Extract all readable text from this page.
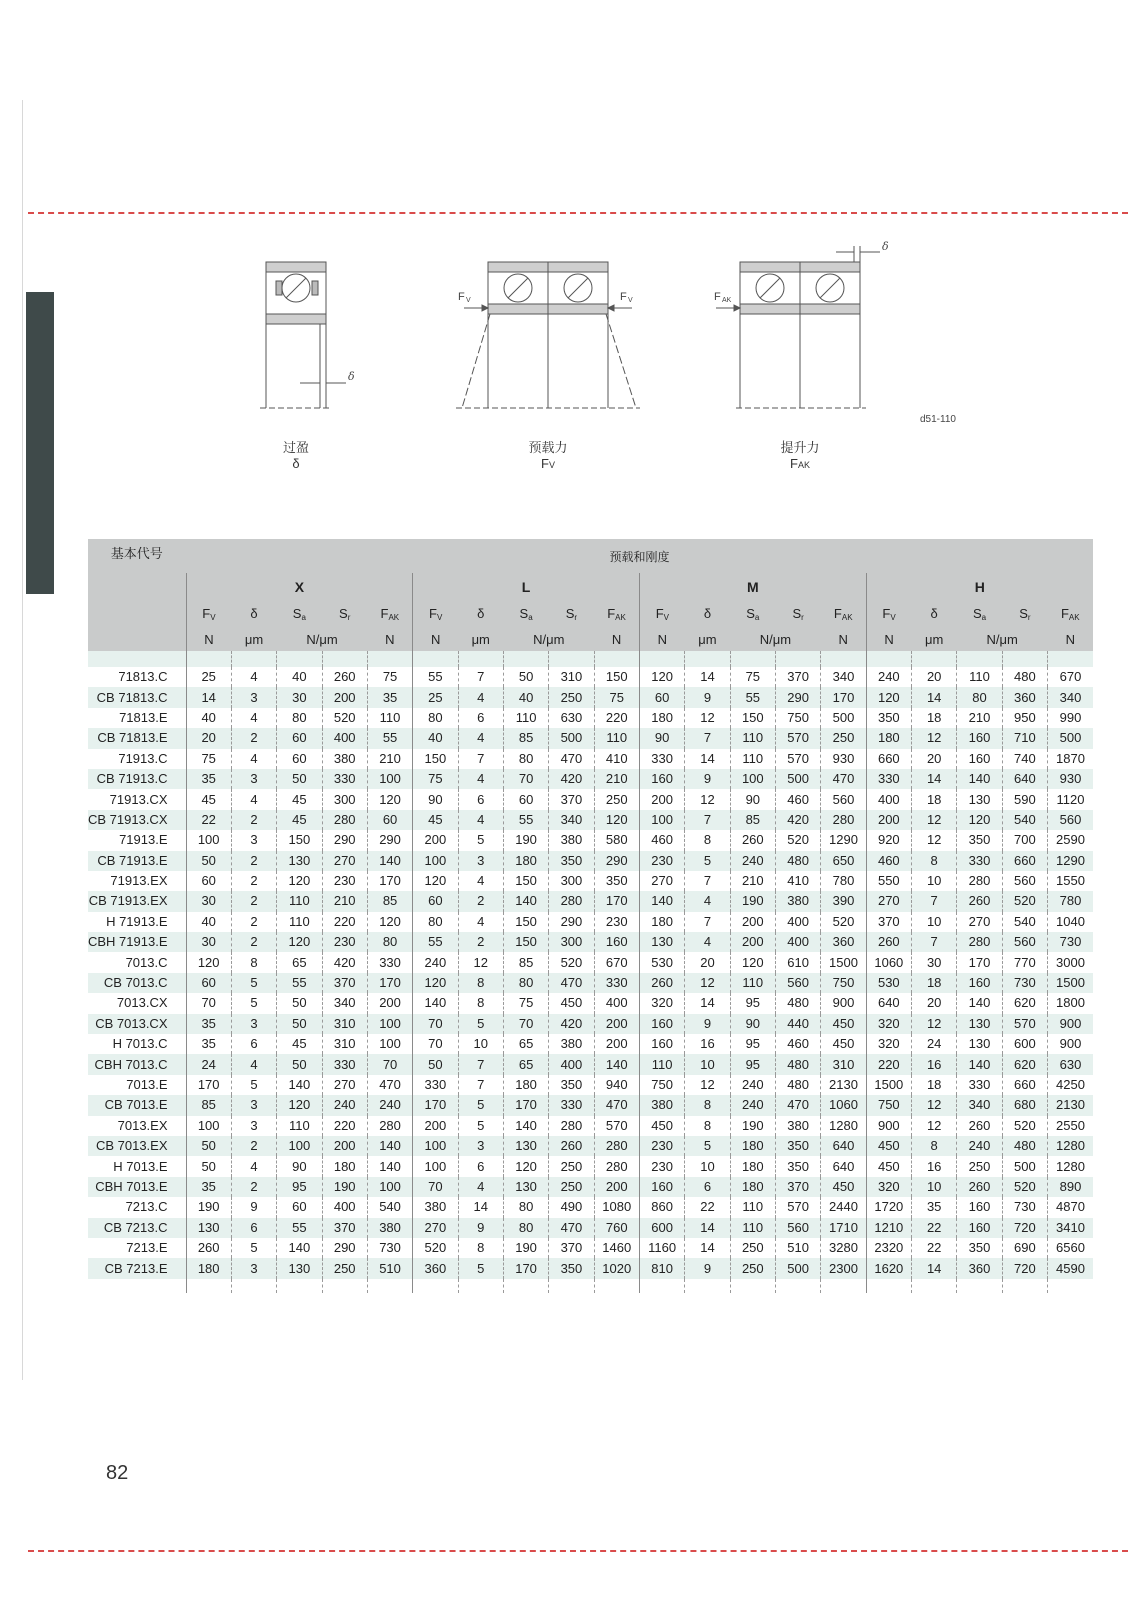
δ
F V	F V	F AK
δ
d51-110
过盈
δ
预载力
FV
提升力
FAK
基本代号	预载和刚度																			
	X					L					M					H				
	$F_V$	δ	$S_a$	$S_r$	$F_{AK}$	$F_V$	δ	$S_a$	$S_r$	$F_{AK}$	$F_V$	δ	$S_a$	$S_r$	$F_{AK}$	$F_V$	δ	$S_a$	$S_r$	$F_{AK}$
	N	μm	N/μm		N	N	μm	N/μm		N	N	μm	N/μm		N	N	μm	N/μm		N

71813.C	25	4	40	260	75	55	7	50	310	150	120	14	75	370	340	240	20	110	480	670
CB 71813.C	14	3	30	200	35	25	4	40	250	75	60	9	55	290	170	120	14	80	360	340
71813.E	40	4	80	520	110	80	6	110	630	220	180	12	150	750	500	350	18	210	950	990
CB 71813.E	20	2	60	400	55	40	4	85	500	110	90	7	110	570	250	180	12	160	710	500
71913.C	75	4	60	380	210	150	7	80	470	410	330	14	110	570	930	660	20	160	740	1870
CB 71913.C	35	3	50	330	100	75	4	70	420	210	160	9	100	500	470	330	14	140	640	930
71913.CX	45	4	45	300	120	90	6	60	370	250	200	12	90	460	560	400	18	130	590	1120
CB 71913.CX	22	2	45	280	60	45	4	55	340	120	100	7	85	420	280	200	12	120	540	560
71913.E	100	3	150	290	290	200	5	190	380	580	460	8	260	520	1290	920	12	350	700	2590
CB 71913.E	50	2	130	270	140	100	3	180	350	290	230	5	240	480	650	460	8	330	660	1290
71913.EX	60	2	120	230	170	120	4	150	300	350	270	7	210	410	780	550	10	280	560	1550
CB 71913.EX	30	2	110	210	85	60	2	140	280	170	140	4	190	380	390	270	7	260	520	780
H 71913.E	40	2	110	220	120	80	4	150	290	230	180	7	200	400	520	370	10	270	540	1040
CBH 71913.E	30	2	120	230	80	55	2	150	300	160	130	4	200	400	360	260	7	280	560	730
7013.C	120	8	65	420	330	240	12	85	520	670	530	20	120	610	1500	1060	30	170	770	3000
CB 7013.C	60	5	55	370	170	120	8	80	470	330	260	12	110	560	750	530	18	160	730	1500
7013.CX	70	5	50	340	200	140	8	75	450	400	320	14	95	480	900	640	20	140	620	1800
CB 7013.CX	35	3	50	310	100	70	5	70	420	200	160	9	90	440	450	320	12	130	570	900
H 7013.C	35	6	45	310	100	70	10	65	380	200	160	16	95	460	450	320	24	130	600	900
CBH 7013.C	24	4	50	330	70	50	7	65	400	140	110	10	95	480	310	220	16	140	620	630
7013.E	170	5	140	270	470	330	7	180	350	940	750	12	240	480	2130	1500	18	330	660	4250
CB 7013.E	85	3	120	240	240	170	5	170	330	470	380	8	240	470	1060	750	12	340	680	2130
7013.EX	100	3	110	220	280	200	5	140	280	570	450	8	190	380	1280	900	12	260	520	2550
CB 7013.EX	50	2	100	200	140	100	3	130	260	280	230	5	180	350	640	450	8	240	480	1280
H 7013.E	50	4	90	180	140	100	6	120	250	280	230	10	180	350	640	450	16	250	500	1280
CBH 7013.E	35	2	95	190	100	70	4	130	250	200	160	6	180	370	450	320	10	260	520	890
7213.C	190	9	60	400	540	380	14	80	490	1080	860	22	110	570	2440	1720	35	160	730	4870
CB 7213.C	130	6	55	370	380	270	9	80	470	760	600	14	110	560	1710	1210	22	160	720	3410
7213.E	260	5	140	290	730	520	8	190	370	1460	1160	14	250	510	3280	2320	22	350	690	6560
CB 7213.E	180	3	130	250	510	360	5	170	350	1020	810	9	250	500	2300	1620	14	360	720	4590

82
